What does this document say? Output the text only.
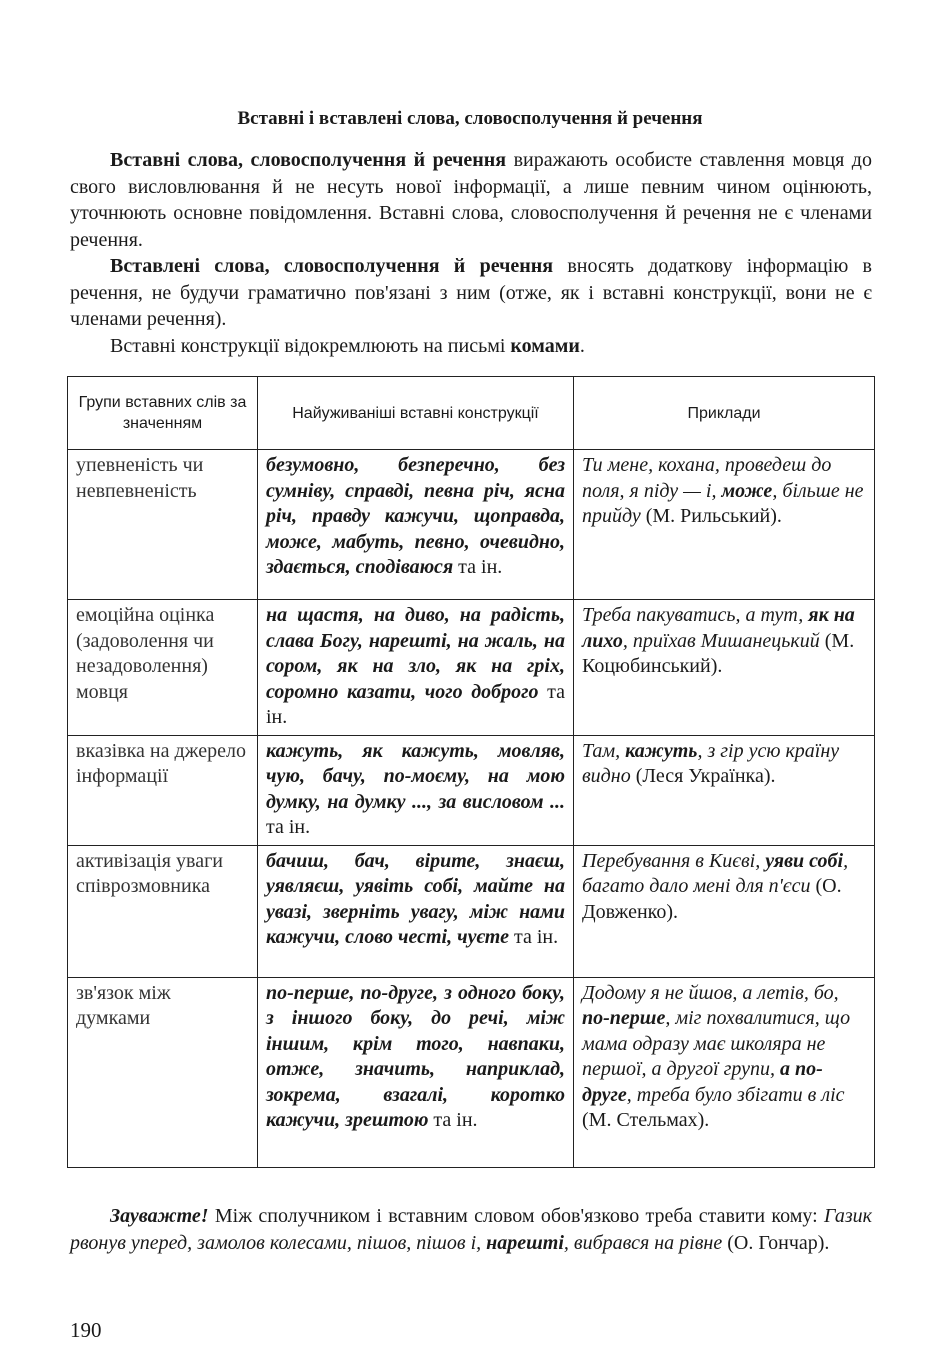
Вставні і вставлені слова, словосполучення й речення

Вставні слова, словосполучення й речення виражають особисте ставлення мовця до свого висловлювання й не несуть нової інформації, а лише певним чином оцінюють, уточнюють основне повідомлення. Вставні слова, словосполучення й речення не є членами речення.

Вставлені слова, словосполучення й речення вносять додаткову інформацію в речення, не будучи граматично пов'язані з ним (отже, як і вставні конструкції, вони не є членами речення).

Вставні конструкції відокремлюють на письмі комами.

Групи вставних слів за значенням	Найуживаніші вставні конструкції	Приклади
упевненість чи невпевненість	безумовно, безперечно, без сумніву, справді, певна річ, ясна річ, правду кажучи, щоправда, може, мабуть, певно, очевидно, здається, сподіваюся та ін.	Ти мене, кохана, проведеш до поля, я піду — і, може, більше не прийду (М. Рильський).
емоційна оцінка (задоволення чи незадоволення) мовця	на щастя, на диво, на радість, слава Богу, нарешті, на жаль, на сором, як на зло, як на гріх, соромно казати, чого доброго та ін.	Треба пакуватись, а тут, як на лихо, приїхав Мишанецький (М. Коцюбинський).
вказівка на джерело інформації	кажуть, як кажуть, мовляв, чую, бачу, по-моєму, на мою думку, на думку ..., за висловом ... та ін.	Там, кажуть, з гір усю країну видно (Леся Українка).
активізація уваги співрозмовника	бачиш, бач, вірите, знаєш, уявляєш, уявіть собі, майте на увазі, зверніть увагу, між нами кажучи, слово честі, чуєте та ін.	Перебування в Києві, уяви собі, багато дало мені для п'єси (О. Довженко).
зв'язок між думками	по-перше, по-друге, з одного боку, з іншого боку, до речі, між іншим, крім того, навпаки, отже, значить, наприклад, зокрема, взагалі, коротко кажучи, зрештою та ін.	Додому я не йшов, а летів, бо, по-перше, міг похвалитися, що мама одразу має школяра не першої, а другої групи, а по-друге, треба було збігати в ліс (М. Стельмах).

Зауважте! Між сполучником і вставним словом обов'язково треба ставити кому: Газик рвонув уперед, замолов колесами, пішов, пішов і, нарешті, вибрався на рівне (О. Гончар).

190
